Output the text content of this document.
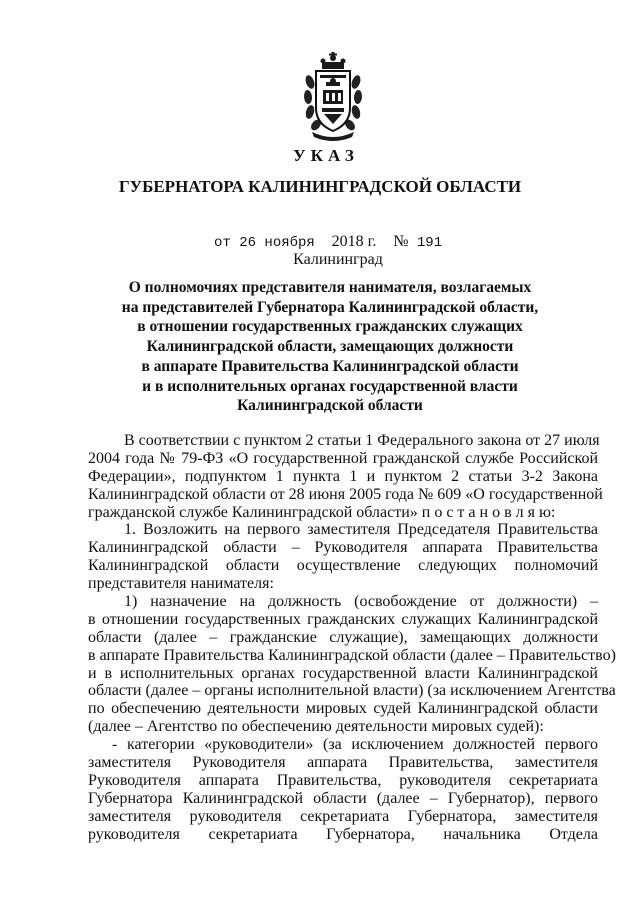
УКАЗ
ГУБЕРНАТОРА КАЛИНИНГРАДСКОЙ ОБЛАСТИ
от 26 ноября 2018 г. № 191
Калининград
О полномочиях представителя нанимателя, возлагаемых
на представителей Губернатора Калининградской области,
в отношении государственных гражданских служащих
Калининградской области, замещающих должности
в аппарате Правительства Калининградской области
и в исполнительных органах государственной власти
Калининградской области
В соответствии с пунктом 2 статьи 1 Федерального закона от 27 июля
2004 года № 79-ФЗ «О государственной гражданской службе Российской
Федерации», подпунктом 1 пункта 1 и пунктом 2 статьи 3-2 Закона
Калининградской области от 28 июня 2005 года № 609 «О государственной
гражданской службе Калининградской области» п о с т а н о в л я ю:
1. Возложить на первого заместителя Председателя Правительства
Калининградской области – Руководителя аппарата Правительства
Калининградской области осуществление следующих полномочий
представителя нанимателя:
1) назначение на должность (освобождение от должности) –
в отношении государственных гражданских служащих Калининградской
области (далее – гражданские служащие), замещающих должности
в аппарате Правительства Калининградской области (далее – Правительство)
и в исполнительных органах государственной власти Калининградской
области (далее – органы исполнительной власти) (за исключением Агентства
по обеспечению деятельности мировых судей Калининградской области
(далее – Агентство по обеспечению деятельности мировых судей):
- категории «руководители» (за исключением должностей первого
заместителя Руководителя аппарата Правительства, заместителя
Руководителя аппарата Правительства, руководителя секретариата
Губернатора Калининградской области (далее – Губернатор), первого
заместителя руководителя секретариата Губернатора, заместителя
руководителя секретариата Губернатора, начальника Отдела
